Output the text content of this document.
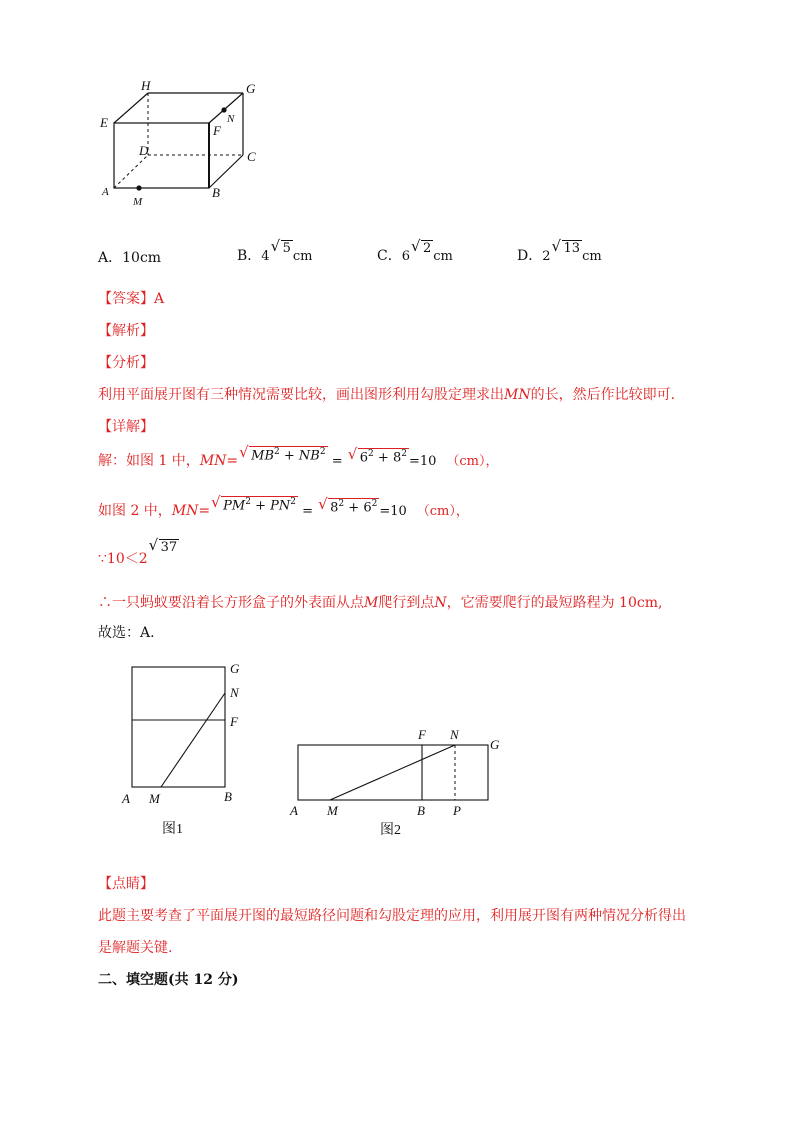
H	G
E
F
N
D	C
A	B
M
A．10cm	B．4√ 5cm	C．6√ 2cm	D．2√ 13cm
【答案】A
【解析】
【分析】
利用平面展开图有三种情况需要比较，画出图形利用勾股定理求出MN的长，然后作比较即可.
【详解】
解：如图 1 中，MN= √ $MB^2 + NB^2$ = √ $6^2 + 8^2=10$ （cm），
如图 2 中，MN= √ $PM^2 + PN^2$ = √ $8^2 + 6^2=10$ （cm），
∵10＜2√ 37
∴一只蚂蚁要沿着长方形盒子的外表面从点M爬行到点N，它需要爬行的最短路程为 10cm,
故选：A.
G
N
F
A M	B
图1
F N
G
A M	B P
图2
【点睛】
此题主要考查了平面展开图的最短路径问题和勾股定理的应用，利用展开图有两种情况分析得出
是解题关键.
二、填空题(共 12 分)
